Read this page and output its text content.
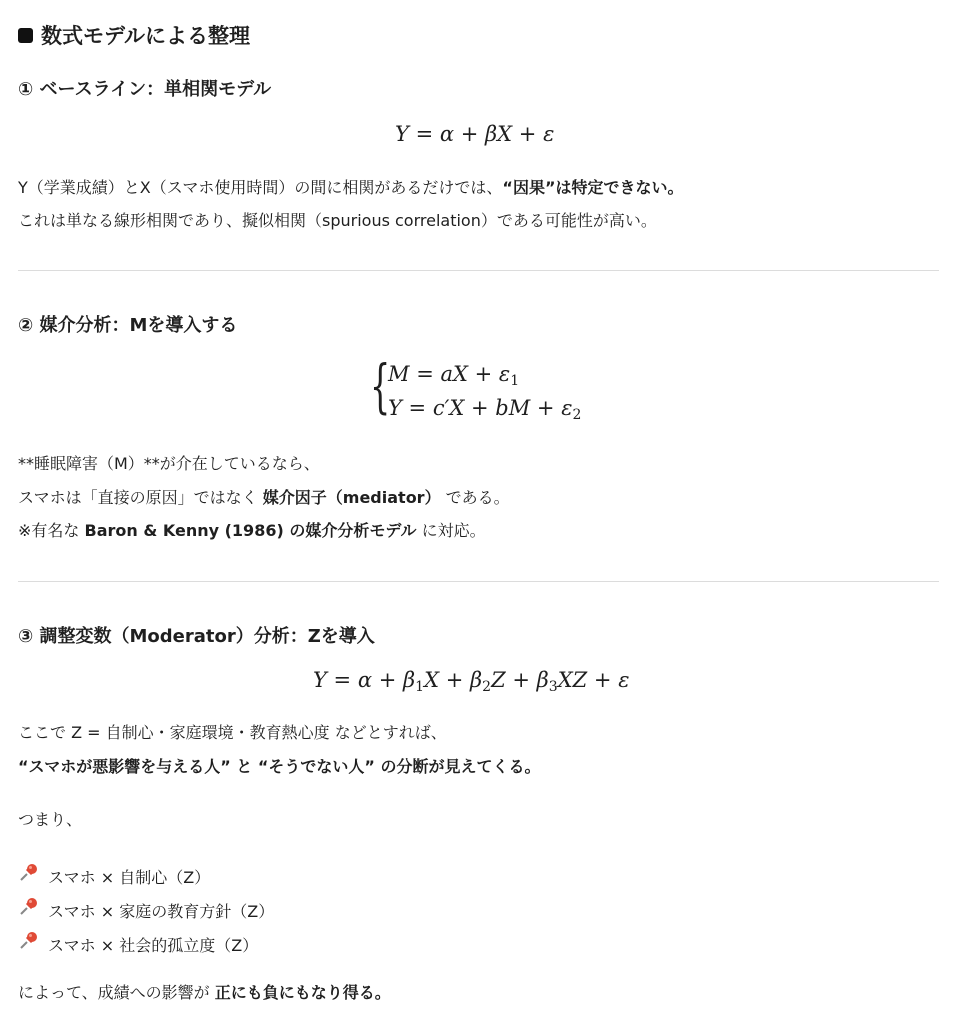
数式モデルによる整理
① ベースライン：単相関モデル
Y = α + βX + ε
Y（学業成績）とX（スマホ使用時間）の間に相関があるだけでは、“因果”は特定できない。
これは単なる線形相関であり、擬似相関（spurious correlation）である可能性が高い。
② 媒介分析：Mを導入する
{
M = aX + $\varepsilon_1$
Y = c′X + bM + $\varepsilon_2$
**睡眠障害（M）**が介在しているなら、
スマホは「直接の原因」ではなく 媒介因子（mediator） である。
※有名な Baron & Kenny (1986) の媒介分析モデル に対応。
③ 調整変数（Moderator）分析：Zを導入
$Y = \alpha + \beta_1X + \beta_2Z + \beta_3XZ + \varepsilon$
ここで Z = 自制心・家庭環境・教育熱心度 などとすれば、
“スマホが悪影響を与える人” と “そうでない人” の分断が見えてくる。
つまり、
スマホ × 自制心（Z）
スマホ × 家庭の教育方針（Z）
スマホ × 社会的孤立度（Z）
によって、成績への影響が 正にも負にもなり得る。
